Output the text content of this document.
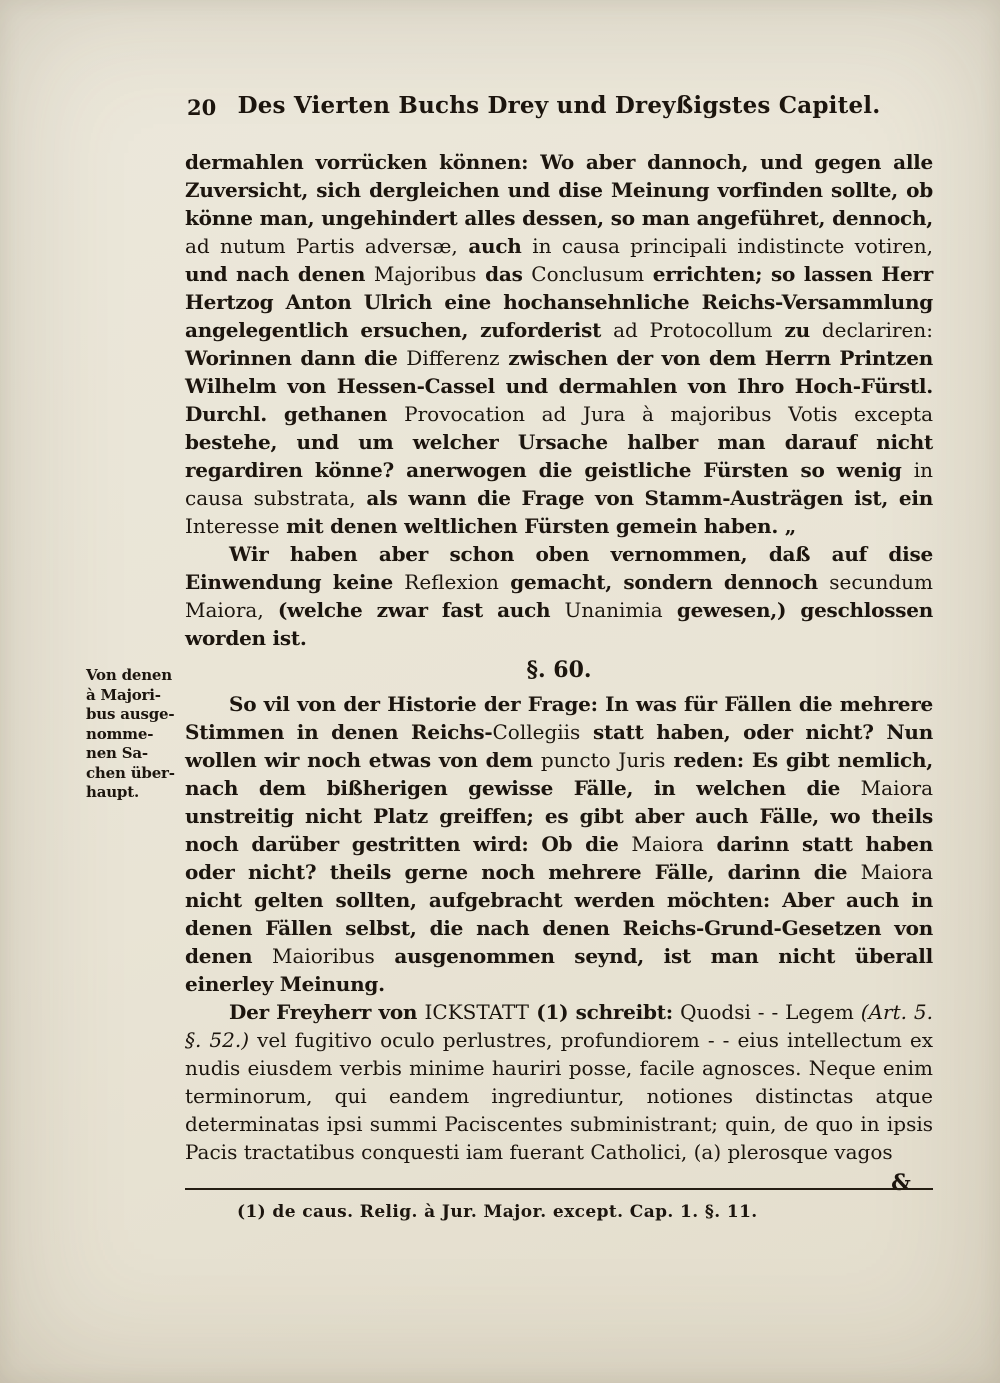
20 Des Vierten Buchs Drey und Dreyßigstes Capitel.
Von denen
à Majori-
bus ausge-
nomme-
nen Sa-
chen über-
haupt.

dermahlen vorrücken können: Wo aber dannoch, und gegen alle Zuversicht, sich dergleichen und dise Meinung vorfinden sollte, ob könne man, ungehindert alles dessen, so man angeführet, dennoch, ad nutum Partis adversæ, auch in causa principali indistincte votiren, und nach denen Majoribus das Conclusum errichten; so lassen Herr Hertzog Anton Ulrich eine hochansehnliche Reichs-Versammlung angelegentlich ersuchen, zuforderist ad Protocollum zu declariren: Worinnen dann die Differenz zwischen der von dem Herrn Printzen Wilhelm von Hessen-Cassel und dermahlen von Ihro Hoch-Fürstl. Durchl. gethanen Provocation ad Jura à majoribus Votis excepta bestehe, und um welcher Ursache halber man darauf nicht regardiren könne? anerwogen die geistliche Fürsten so wenig in causa substrata, als wann die Frage von Stamm-Austrägen ist, ein Interesse mit denen weltlichen Fürsten gemein haben. „

Wir haben aber schon oben vernommen, daß auf dise Einwendung keine Reflexion gemacht, sondern dennoch secundum Maiora, (welche zwar fast auch Unanimia gewesen,) geschlossen worden ist.

§. 60.

So vil von der Historie der Frage: In was für Fällen die mehrere Stimmen in denen Reichs-Collegiis statt haben, oder nicht? Nun wollen wir noch etwas von dem puncto Juris reden: Es gibt nemlich, nach dem bißherigen gewisse Fälle, in welchen die Maiora unstreitig nicht Platz greiffen; es gibt aber auch Fälle, wo theils noch darüber gestritten wird: Ob die Maiora darinn statt haben oder nicht? theils gerne noch mehrere Fälle, darinn die Maiora nicht gelten sollten, aufgebracht werden möchten: Aber auch in denen Fällen selbst, die nach denen Reichs-Grund-Gesetzen von denen Maioribus ausgenommen seynd, ist man nicht überall einerley Meinung.

Der Freyherr von ICKSTATT (1) schreibt: Quodsi - - Legem (Art. 5. §. 52.) vel fugitivo oculo perlustres, profundiorem - - eius intellectum ex nudis eiusdem verbis minime hauriri posse, facile agnosces. Neque enim terminorum, qui eandem ingrediuntur, notiones distinctas atque determinatas ipsi summi Paciscentes subministrant; quin, de quo in ipsis Pacis tractatibus conquesti iam fuerant Catholici, (a) plerosque vagos

&
(1) de caus. Relig. à Jur. Major. except. Cap. 1. §. 11.
